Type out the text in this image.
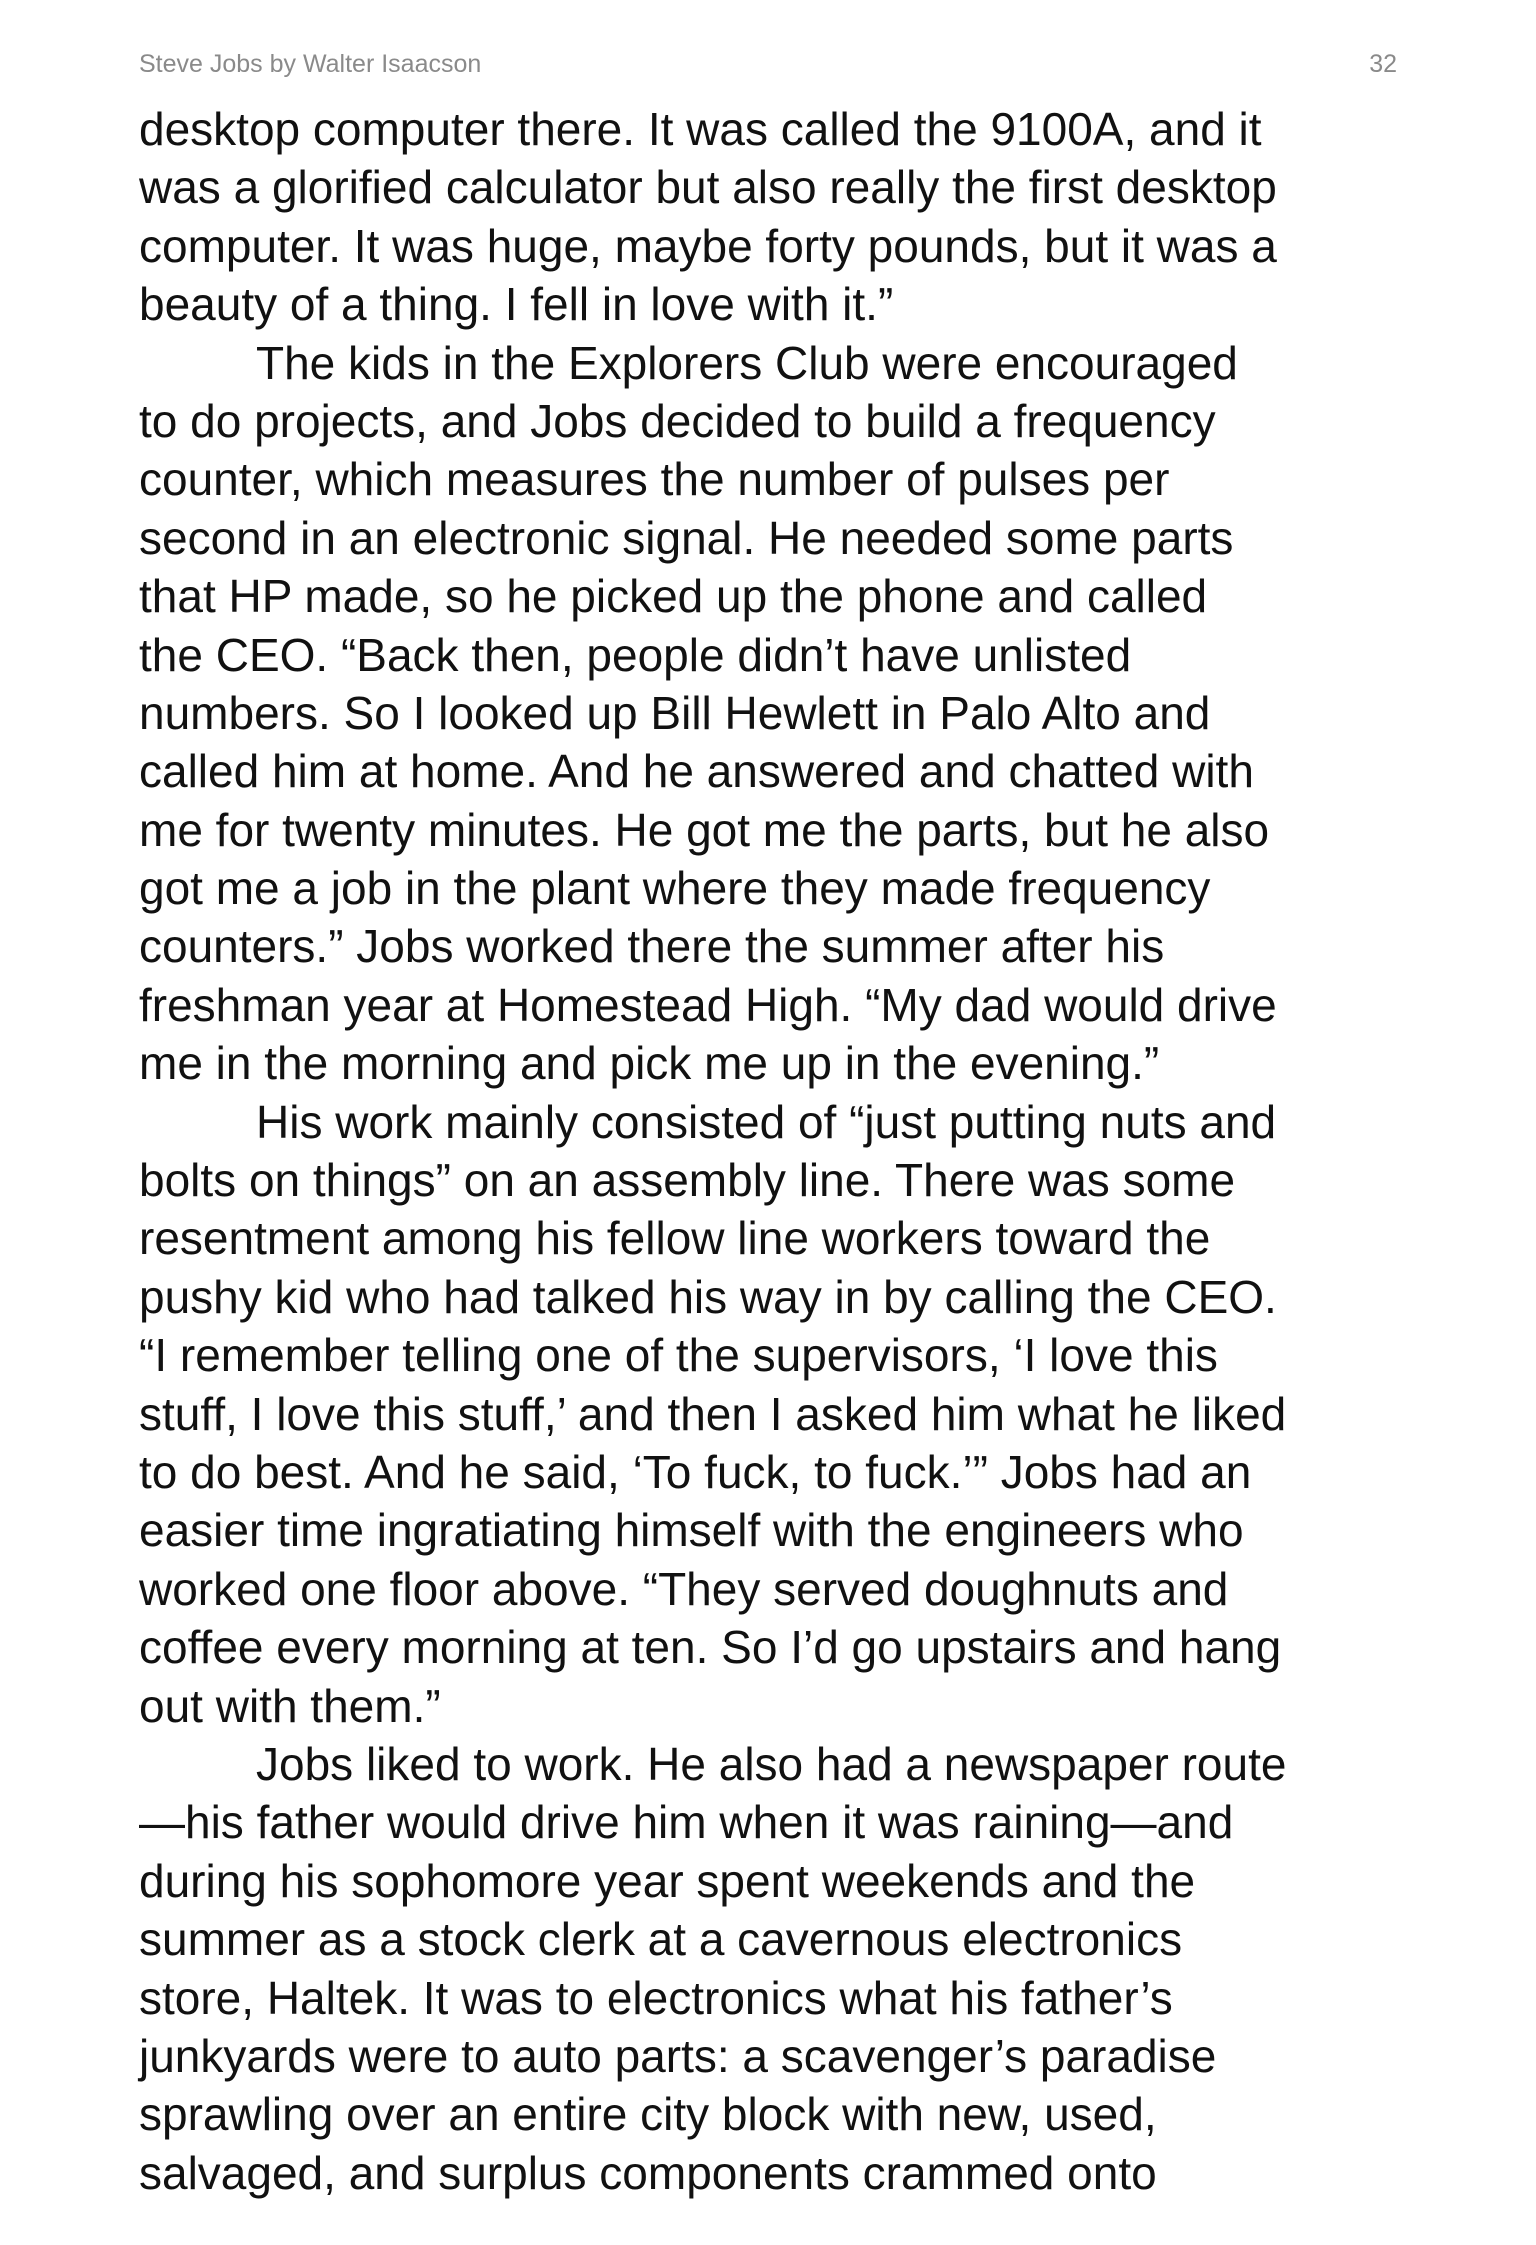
Steve Jobs by Walter Isaacson	32
desktop computer there. It was called the 9100A, and it
was a glorified calculator but also really the first desktop
computer. It was huge, maybe forty pounds, but it was a
beauty of a thing. I fell in love with it.”
The kids in the Explorers Club were encouraged
to do projects, and Jobs decided to build a frequency
counter, which measures the number of pulses per
second in an electronic signal. He needed some parts
that HP made, so he picked up the phone and called
the CEO. “Back then, people didn’t have unlisted
numbers. So I looked up Bill Hewlett in Palo Alto and
called him at home. And he answered and chatted with
me for twenty minutes. He got me the parts, but he also
got me a job in the plant where they made frequency
counters.” Jobs worked there the summer after his
freshman year at Homestead High. “My dad would drive
me in the morning and pick me up in the evening.”
His work mainly consisted of “just putting nuts and
bolts on things” on an assembly line. There was some
resentment among his fellow line workers toward the
pushy kid who had talked his way in by calling the CEO.
“I remember telling one of the supervisors, ‘I love this
stuff, I love this stuff,’ and then I asked him what he liked
to do best. And he said, ‘To fuck, to fuck.’” Jobs had an
easier time ingratiating himself with the engineers who
worked one floor above. “They served doughnuts and
coffee every morning at ten. So I’d go upstairs and hang
out with them.”
Jobs liked to work. He also had a newspaper route
—his father would drive him when it was raining—and
during his sophomore year spent weekends and the
summer as a stock clerk at a cavernous electronics
store, Haltek. It was to electronics what his father’s
junkyards were to auto parts: a scavenger’s paradise
sprawling over an entire city block with new, used,
salvaged, and surplus components crammed onto
